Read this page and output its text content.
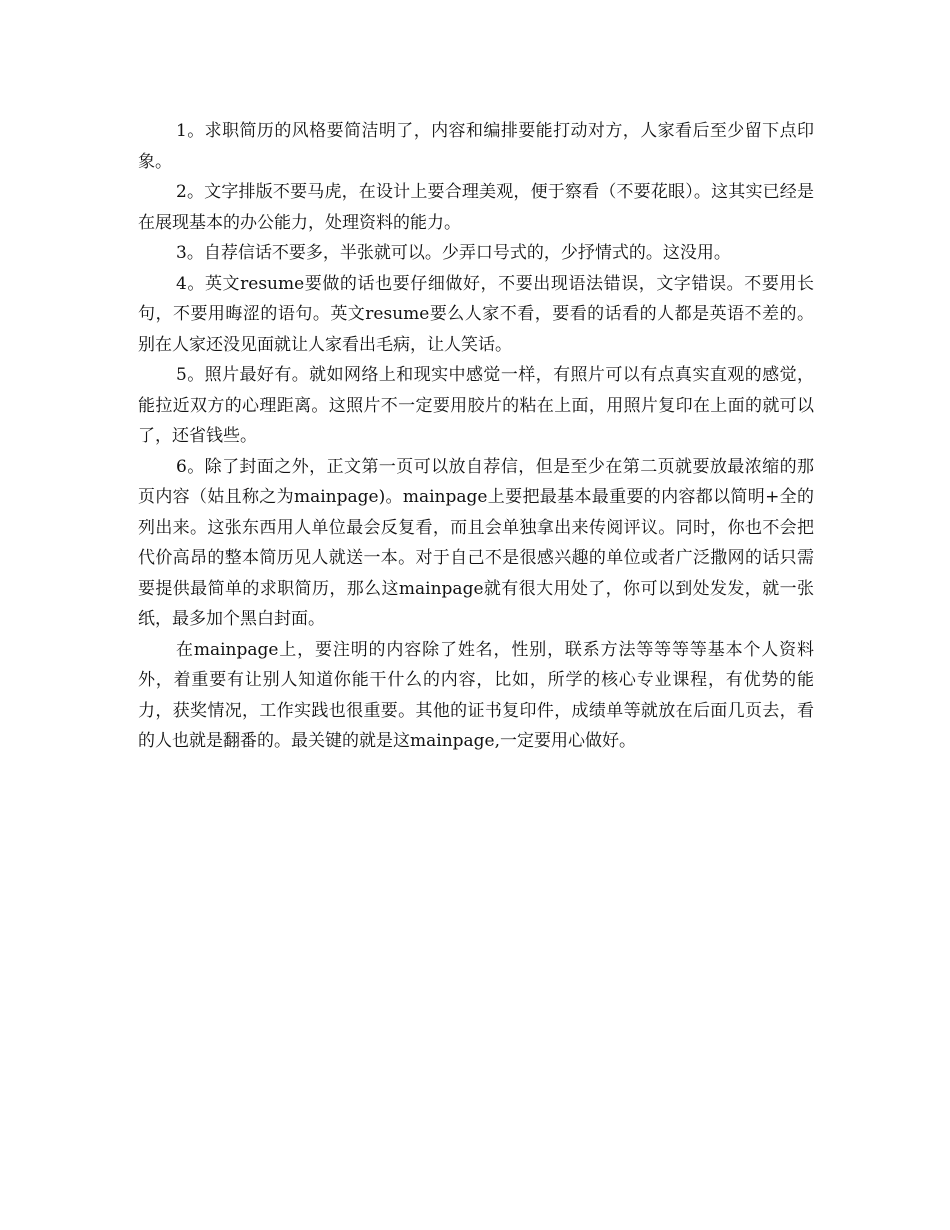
1。求职简历的风格要简洁明了，内容和编排要能打动对方，人家看后至少留下点印象。

2。文字排版不要马虎，在设计上要合理美观，便于察看（不要花眼）。这其实已经是在展现基本的办公能力，处理资料的能力。

3。自荐信话不要多，半张就可以。少弄口号式的，少抒情式的。这没用。

4。英文resume要做的话也要仔细做好，不要出现语法错误，文字错误。不要用长句，不要用晦涩的语句。英文resume要么人家不看，要看的话看的人都是英语不差的。别在人家还没见面就让人家看出毛病，让人笑话。

5。照片最好有。就如网络上和现实中感觉一样，有照片可以有点真实直观的感觉，能拉近双方的心理距离。这照片不一定要用胶片的粘在上面，用照片复印在上面的就可以了，还省钱些。

6。除了封面之外，正文第一页可以放自荐信，但是至少在第二页就要放最浓缩的那页内容（姑且称之为mainpage)。mainpage上要把最基本最重要的内容都以简明+全的列出来。这张东西用人单位最会反复看，而且会单独拿出来传阅评议。同时，你也不会把代价高昂的整本简历见人就送一本。对于自己不是很感兴趣的单位或者广泛撒网的话只需要提供最简单的求职简历，那么这mainpage就有很大用处了，你可以到处发发，就一张纸，最多加个黑白封面。

在mainpage上，要注明的内容除了姓名，性别，联系方法等等等等基本个人资料外，着重要有让别人知道你能干什么的内容，比如，所学的核心专业课程，有优势的能力，获奖情况，工作实践也很重要。其他的证书复印件，成绩单等就放在后面几页去，看的人也就是翻番的。最关键的就是这mainpage,一定要用心做好。
